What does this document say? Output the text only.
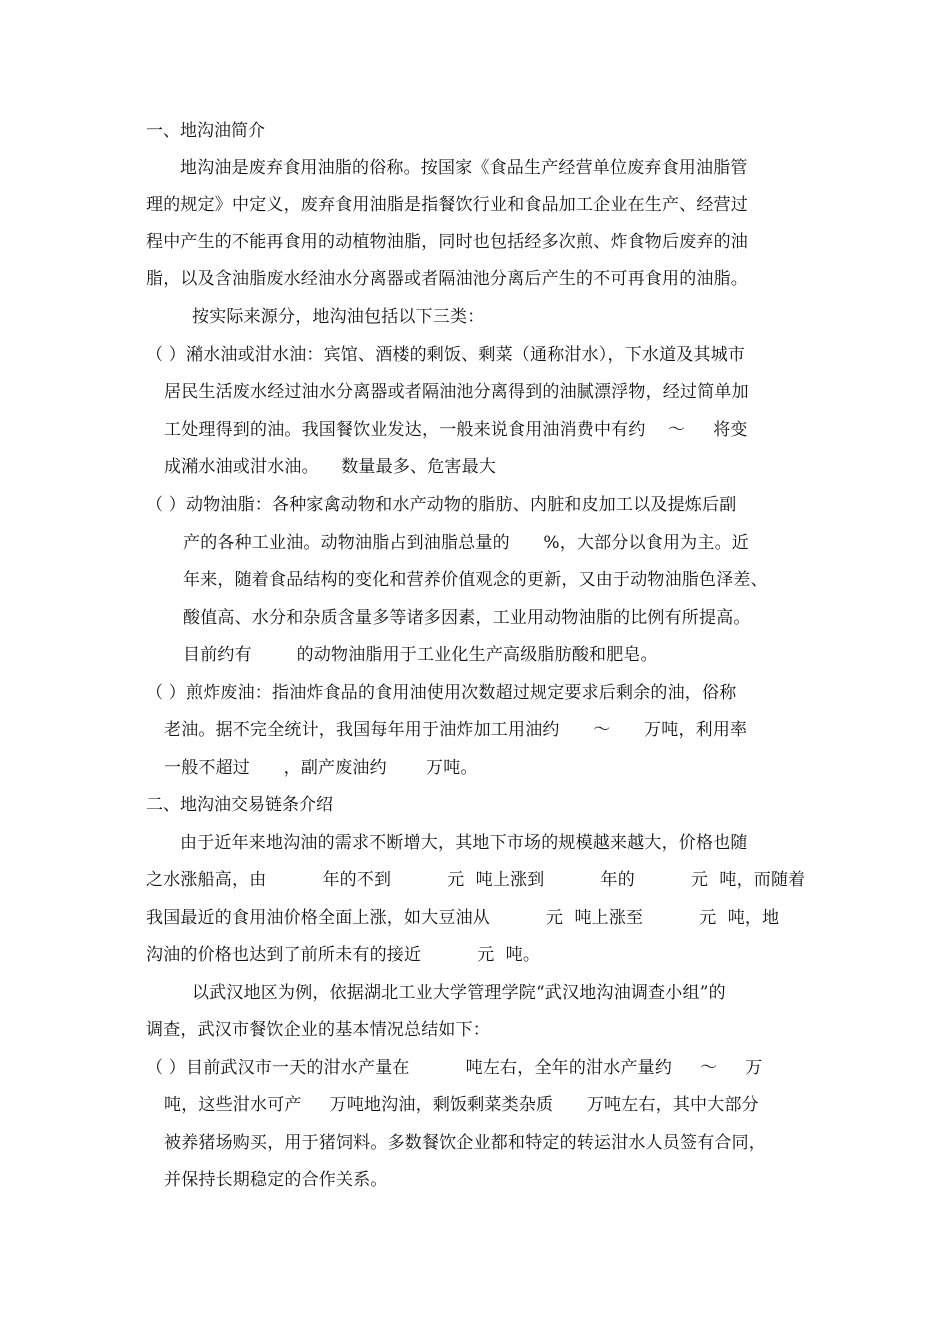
一、地沟油简介
地沟油是废弃食用油脂的俗称。按国家《食品生产经营单位废弃食用油脂管
理的规定》中定义，废弃食用油脂是指餐饮行业和食品加工企业在生产、经营过
程中产生的不能再食用的动植物油脂，同时也包括经多次煎、炸食物后废弃的油
脂，以及含油脂废水经油水分离器或者隔油池分离后产生的不可再食用的油脂。
按实际来源分，地沟油包括以下三类：
（ ）潲水油或泔水油：宾馆、酒楼的剩饭、剩菜（通称泔水），下水道及其城市
居民生活废水经过油水分离器或者隔油池分离得到的油腻漂浮物，经过简单加
工处理得到的油。我国餐饮业发达，一般来说食用油消费中有约    ～     将变
成潲水油或泔水油。    数量最多、危害最大
（ ）动物油脂：各种家禽动物和水产动物的脂肪、内脏和皮加工以及提炼后副
产的各种工业油。动物油脂占到油脂总量的      %，大部分以食用为主。近
年来，随着食品结构的变化和营养价值观念的更新，又由于动物油脂色泽差、
酸值高、水分和杂质含量多等诸多因素，工业用动物油脂的比例有所提高。
目前约有        的动物油脂用于工业化生产高级脂肪酸和肥皂。
（ ）煎炸废油：指油炸食品的食用油使用次数超过规定要求后剩余的油，俗称
老油。据不完全统计，我国每年用于油炸加工用油约      ～      万吨，利用率
一般不超过      ，副产废油约       万吨。
二、地沟油交易链条介绍
由于近年来地沟油的需求不断增大，其地下市场的规模越来越大，价格也随
之水涨船高，由          年的不到          元  吨上涨到          年的          元  吨，而随着
我国最近的食用油价格全面上涨，如大豆油从          元  吨上涨至          元  吨，地
沟油的价格也达到了前所未有的接近          元  吨。
以武汉地区为例，依据湖北工业大学管理学院“武汉地沟油调查小组”的
调查，武汉市餐饮企业的基本情况总结如下：
（ ）目前武汉市一天的泔水产量在          吨左右，全年的泔水产量约     ～     万
吨，这些泔水可产     万吨地沟油，剩饭剩菜类杂质      万吨左右，其中大部分
被养猪场购买，用于猪饲料。多数餐饮企业都和特定的转运泔水人员签有合同，
并保持长期稳定的合作关系。
